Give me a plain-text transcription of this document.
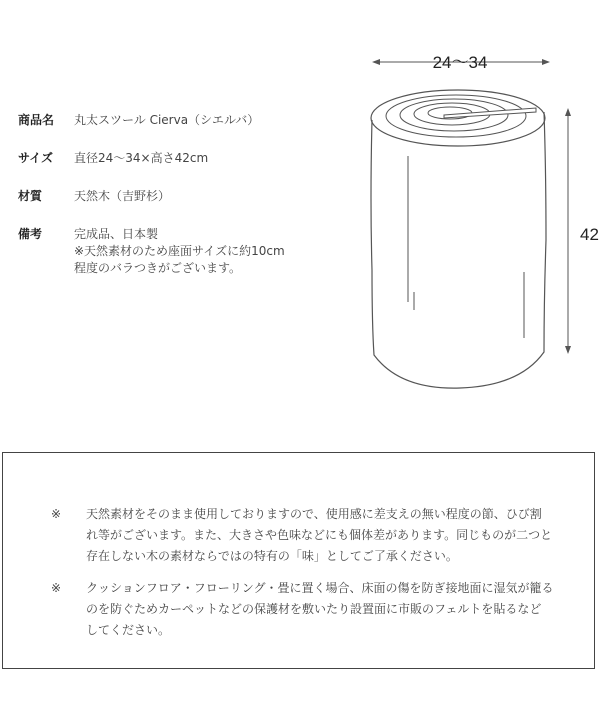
商品名	丸太スツール Cierva（シエルバ）
サイズ	直径24〜34×高さ42cm
材質	天然木（吉野杉）
備考	完成品、日本製
※天然素材のため座面サイズに約10cm
程度のバラつきがございます。
24〜34
42
※ 天然素材をそのまま使用しておりますので、使用感に差支えの無い程度の節、ひび割
れ等がございます。また、大きさや色味などにも個体差があります。同じものが二つと
存在しない木の素材ならではの特有の「味」としてご了承ください。
※ クッションフロア・フローリング・畳に置く場合、床面の傷を防ぎ接地面に湿気が籠る
のを防ぐためカーペットなどの保護材を敷いたり設置面に市販のフェルトを貼るなど
してください。
